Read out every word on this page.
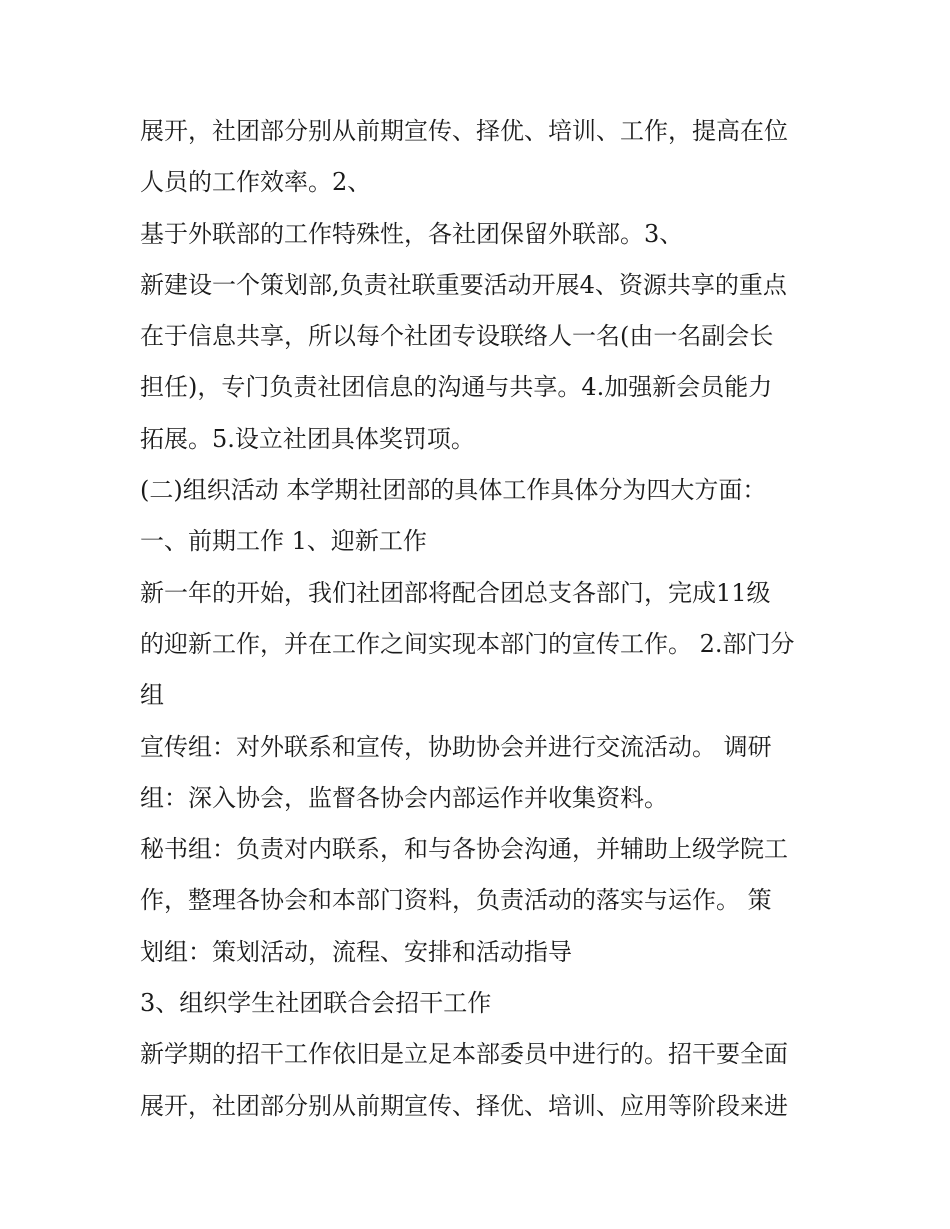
展开，社团部分别从前期宣传、择优、培训、工作，提高在位
人员的工作效率。2、
基于外联部的工作特殊性，各社团保留外联部。3、
新建设一个策划部,负责社联重要活动开展4、资源共享的重点
在于信息共享，所以每个社团专设联络人一名(由一名副会长
担任)，专门负责社团信息的沟通与共享。4.加强新会员能力
拓展。5.设立社团具体奖罚项。
(二)组织活动 本学期社团部的具体工作具体分为四大方面：
一、前期工作 1、迎新工作
新一年的开始，我们社团部将配合团总支各部门，完成11级
的迎新工作，并在工作之间实现本部门的宣传工作。 2.部门分
组
宣传组：对外联系和宣传，协助协会并进行交流活动。 调研
组：深入协会，监督各协会内部运作并收集资料。
秘书组：负责对内联系，和与各协会沟通，并辅助上级学院工
作，整理各协会和本部门资料，负责活动的落实与运作。 策
划组：策划活动，流程、安排和活动指导
3、组织学生社团联合会招干工作
新学期的招干工作依旧是立足本部委员中进行的。招干要全面
展开，社团部分别从前期宣传、择优、培训、应用等阶段来进
